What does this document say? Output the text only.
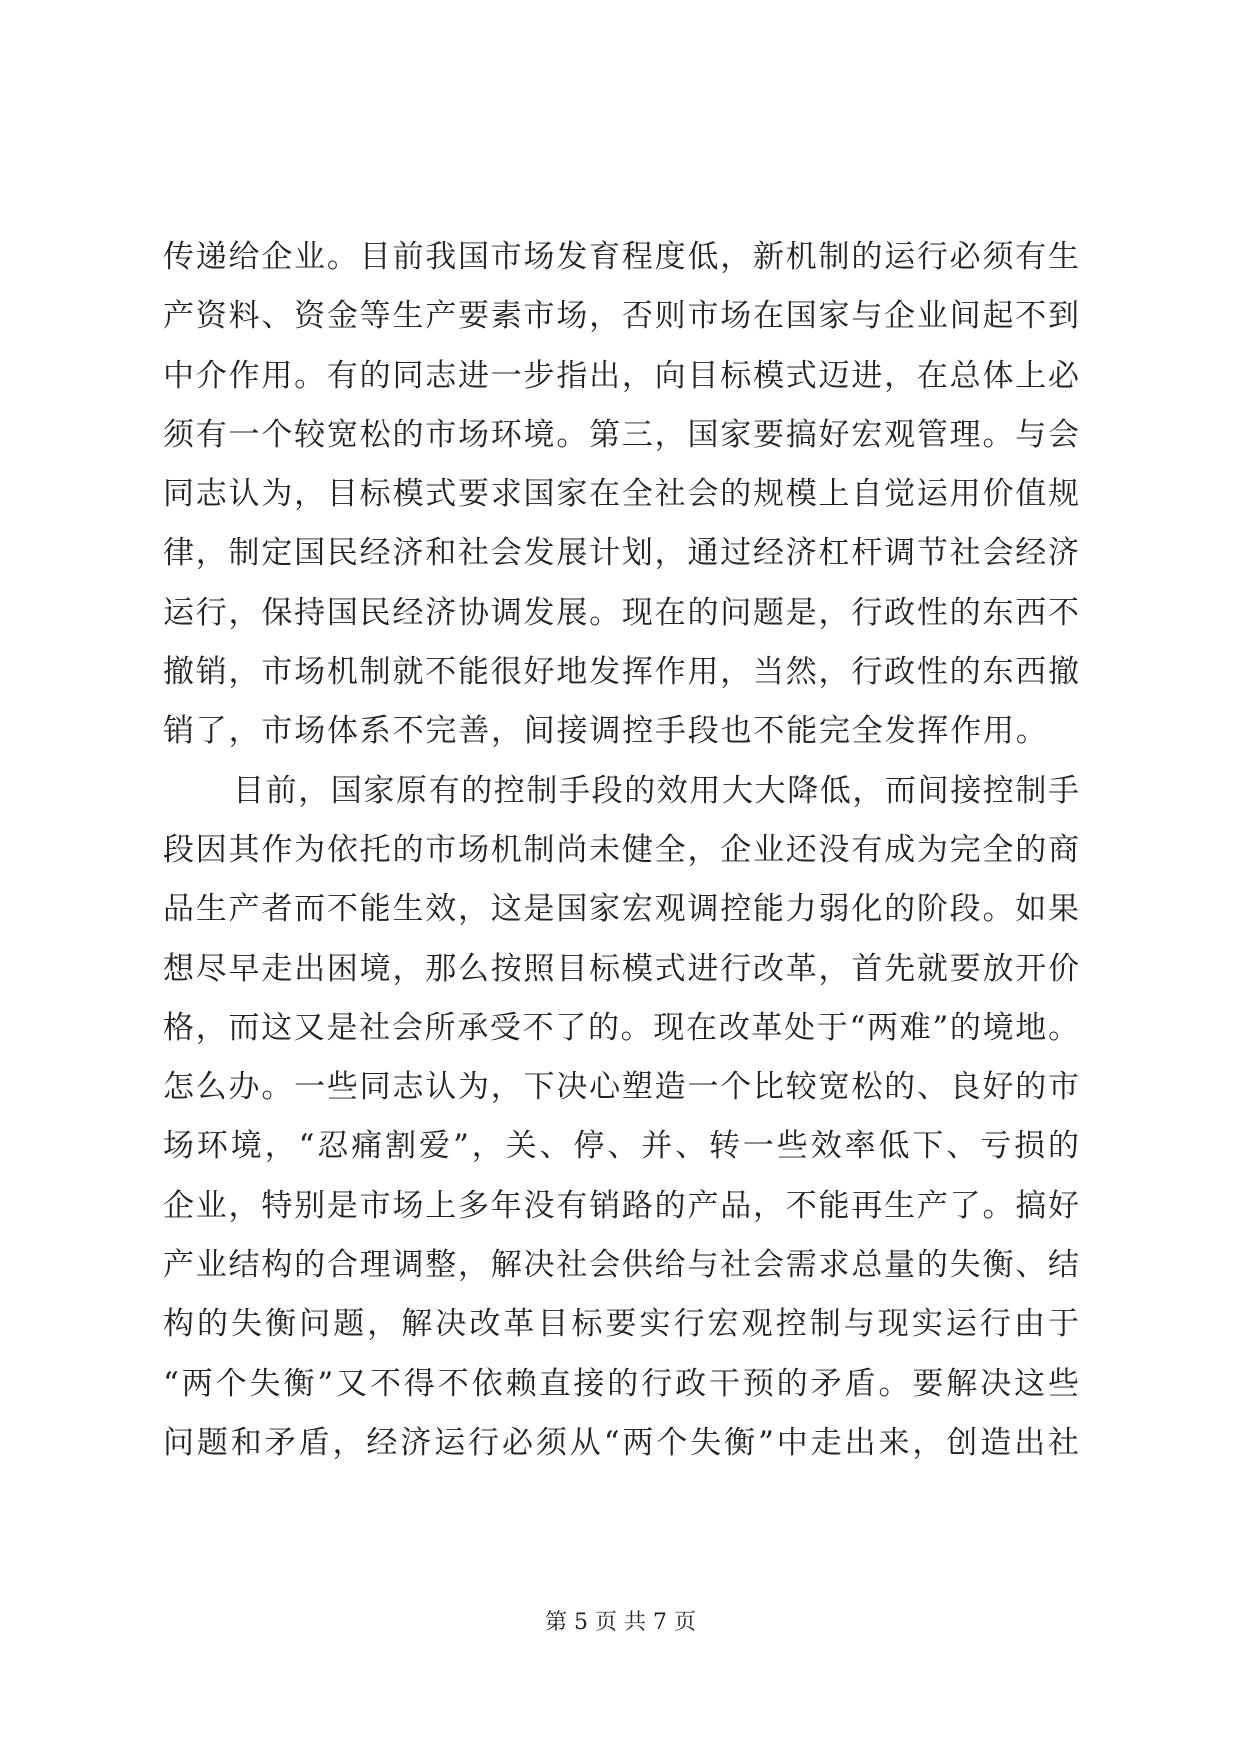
传递给企业。目前我国市场发育程度低，新机制的运行必须有生
产资料、资金等生产要素市场，否则市场在国家与企业间起不到
中介作用。有的同志进一步指出，向目标模式迈进，在总体上必
须有一个较宽松的市场环境。第三，国家要搞好宏观管理。与会
同志认为，目标模式要求国家在全社会的规模上自觉运用价值规
律，制定国民经济和社会发展计划，通过经济杠杆调节社会经济
运行，保持国民经济协调发展。现在的问题是，行政性的东西不
撤销，市场机制就不能很好地发挥作用，当然，行政性的东西撤
销了，市场体系不完善，间接调控手段也不能完全发挥作用。
目前，国家原有的控制手段的效用大大降低，而间接控制手
段因其作为依托的市场机制尚未健全，企业还没有成为完全的商
品生产者而不能生效，这是国家宏观调控能力弱化的阶段。如果
想尽早走出困境，那么按照目标模式进行改革，首先就要放开价
格，而这又是社会所承受不了的。现在改革处于“两难”的境地。
怎么办。一些同志认为，下决心塑造一个比较宽松的、良好的市
场环境，“忍痛割爱”，关、停、并、转一些效率低下、亏损的
企业，特别是市场上多年没有销路的产品，不能再生产了。搞好
产业结构的合理调整，解决社会供给与社会需求总量的失衡、结
构的失衡问题，解决改革目标要实行宏观控制与现实运行由于
“两个失衡”又不得不依赖直接的行政干预的矛盾。要解决这些
问题和矛盾，经济运行必须从“两个失衡”中走出来，创造出社
第 5 页 共 7 页
